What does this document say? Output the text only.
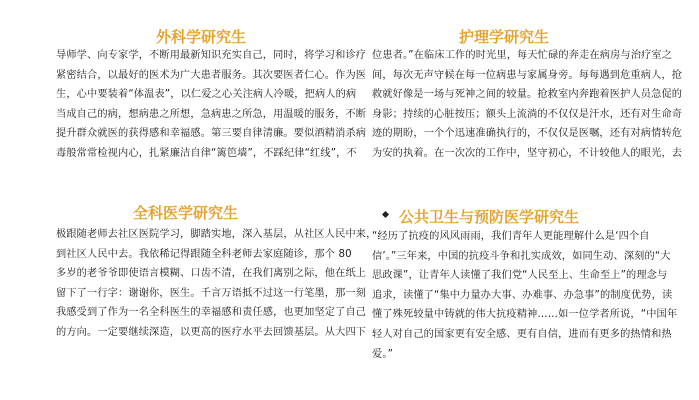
外科学研究生
导师学、向专家学，不断用最新知识充实自己，同时，将学习和诊疗
紧密结合，以最好的医术为广大患者服务。其次要医者仁心。作为医
生，心中要装着“体温表”，以仁爱之心关注病人冷暖，把病人的病
当成自己的病，想病患之所想，急病患之所急，用温暖的服务，不断
提升群众就医的获得感和幸福感。第三要自律清廉。要似酒精消杀病
毒般常常检视内心，扎紧廉洁自律“篱笆墙”，不踩纪律“红线”，不
护理学研究生
位患者。”在临床工作的时光里，每天忙碌的奔走在病房与治疗室之
间，每次无声守候在每一位病患与家属身旁。每每遇到危重病人，抢
救就好像是一场与死神之间的较量。抢救室内奔跑着医护人员急促的
身影；持续的心脏按压；额头上流淌的不仅仅是汗水，还有对生命奇
迹的期盼，一个个迅速准确执行的，不仅仅是医嘱，还有对病情转危
为安的执着。在一次次的工作中，坚守初心，不计较他人的眼光，去
全科医学研究生
极跟随老师去社区医院学习，脚踏实地，深入基层，从社区人民中来，
到社区人民中去。我依稀记得跟随全科老师去家庭随诊，那个 80
多岁的老爷爷即使语言模糊、口齿不清，在我们离别之际，他在纸上
留下了一行字：谢谢你，医生。千言万语抵不过这一行笔墨，那一刻
我感受到了作为一名全科医生的幸福感和责任感，也更加坚定了自己
的方向。一定要继续深造，以更高的医疗水平去回馈基层。从大四下
公共卫生与预防医学研究生
“经历了抗疫的风风雨雨，我们青年人更能理解什么是‘四个自
信’。”三年来，中国的抗疫斗争和扎实成效，如同生动、深刻的“大
思政课”，让青年人读懂了我们党“人民至上、生命至上”的理念与
追求，读懂了“集中力量办大事、办难事、办急事”的制度优势，读
懂了殊死较量中铸就的伟大抗疫精神……如一位学者所说，“中国年
轻人对自己的国家更有安全感、更有自信，进而有更多的热情和热
爱。”
